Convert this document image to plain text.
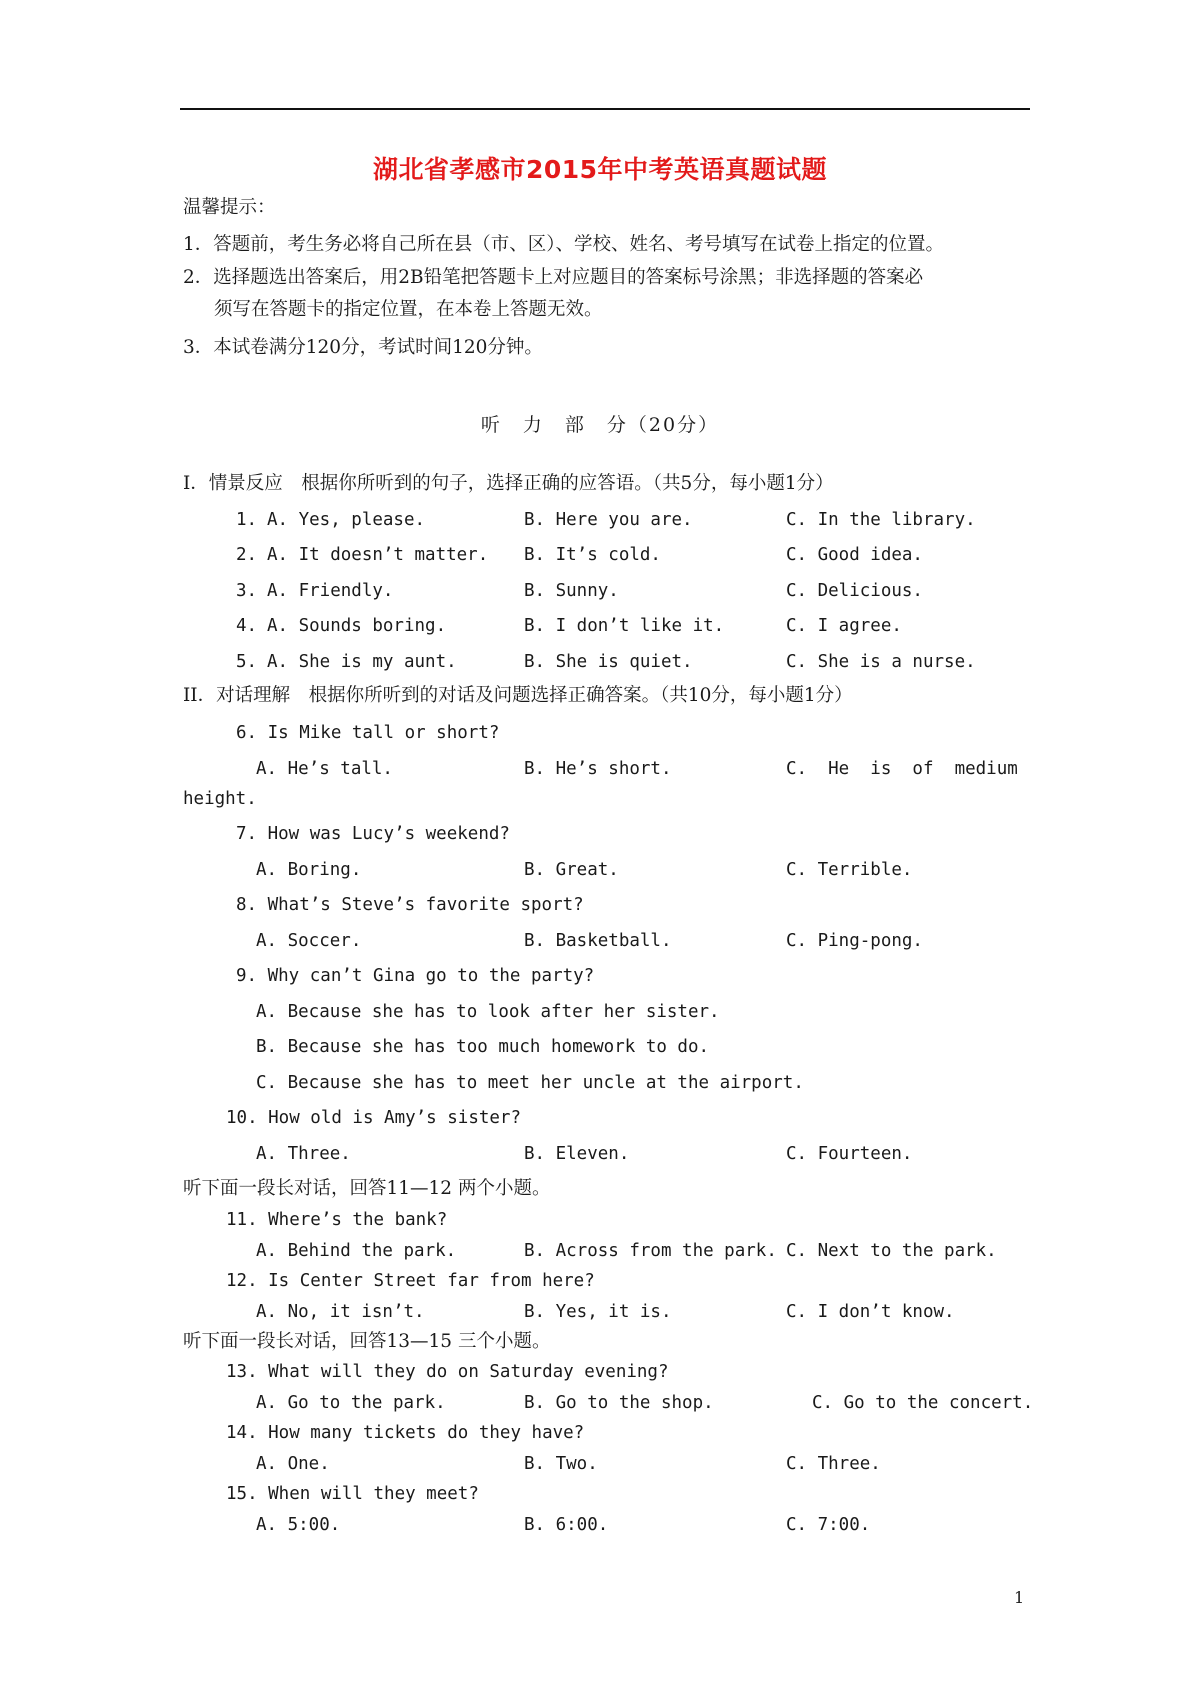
湖北省孝感市2015年中考英语真题试题
温馨提示：
1．答题前，考生务必将自己所在县（市、区）、学校、姓名、考号填写在试卷上指定的位置。
2．选择题选出答案后，用2B铅笔把答题卡上对应题目的答案标号涂黑；非选择题的答案必
须写在答题卡的指定位置，在本卷上答题无效。
3．本试卷满分120分，考试时间120分钟。
听　力　部　分（20分）
I．情景反应　根据你所听到的句子，选择正确的应答语。（共5分，每小题1分）
1. A. Yes, please.	B. Here you are.	C. In the library.
2. A. It doesn’t matter. B. It’s cold.	C. Good idea.
3. A. Friendly.	B. Sunny.	C. Delicious.
4. A. Sounds boring.	B. I don’t like it.	C. I agree.
5. A. She is my aunt.	B. She is quiet.	C. She is a nurse.
II．对话理解　根据你所听到的对话及问题选择正确答案。（共10分，每小题1分）
6. Is Mike tall or short?
A. He’s tall.	B. He’s short.	C.  He  is  of  medium
height.
7. How was Lucy’s weekend?
A. Boring.	B. Great.	C. Terrible.
8. What’s Steve’s favorite sport?
A. Soccer.	B. Basketball.	C. Ping-pong.
9. Why can’t Gina go to the party?
A. Because she has to look after her sister.
B. Because she has too much homework to do.
C. Because she has to meet her uncle at the airport.
10. How old is Amy’s sister?
A. Three.	B. Eleven.	C. Fourteen.
听下面一段长对话，回答11—12 两个小题。
11. Where’s the bank?
A. Behind the park.	B. Across from the park. C. Next to the park.
12. Is Center Street far from here?
A. No, it isn’t.	B. Yes, it is.	C. I don’t know.
听下面一段长对话，回答13—15 三个小题。
13. What will they do on Saturday evening?
A. Go to the park.	B. Go to the shop.	C. Go to the concert.
14. How many tickets do they have?
A. One.	B. Two.	C. Three.
15. When will they meet?
A. 5:00.	B. 6:00.	C. 7:00.
1
